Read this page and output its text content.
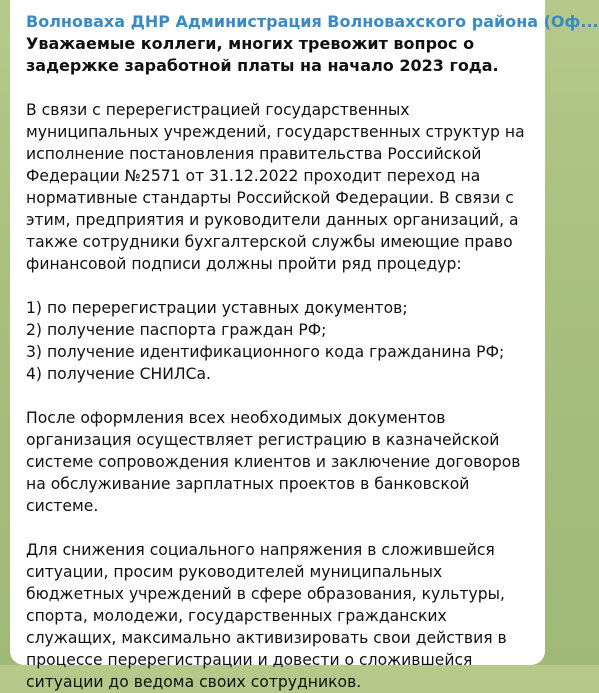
Волноваха ДНР Администрация Волновахского района (Оф...

Уважаемые коллеги, многих тревожит вопрос о задержке заработной платы на начало 2023 года.

В связи с перерегистрацией государственных муниципальных учреждений, государственных структур на исполнение постановления правительства Российской Федерации №2571 от 31.12.2022 проходит переход на нормативные стандарты Российской Федерации. В связи с этим, предприятия и руководители данных организаций, а также сотрудники бухгалтерской службы имеющие право финансовой подписи должны пройти ряд процедур:

1) по перерегистрации уставных документов;
2) получение паспорта граждан РФ;
3) получение идентификационного кода гражданина РФ;
4) получение СНИЛСа.

После оформления всех необходимых документов организация осуществляет регистрацию в казначейской системе сопровождения клиентов и заключение договоров на обслуживание зарплатных проектов в банковской системе.

Для снижения социального напряжения в сложившейся ситуации, просим руководителей муниципальных бюджетных учреждений в сфере образования, культуры, спорта, молодежи, государственных гражданских служащих, максимально активизировать свои действия в процессе перерегистрации и довести о сложившейся ситуации до ведома своих сотрудников.
